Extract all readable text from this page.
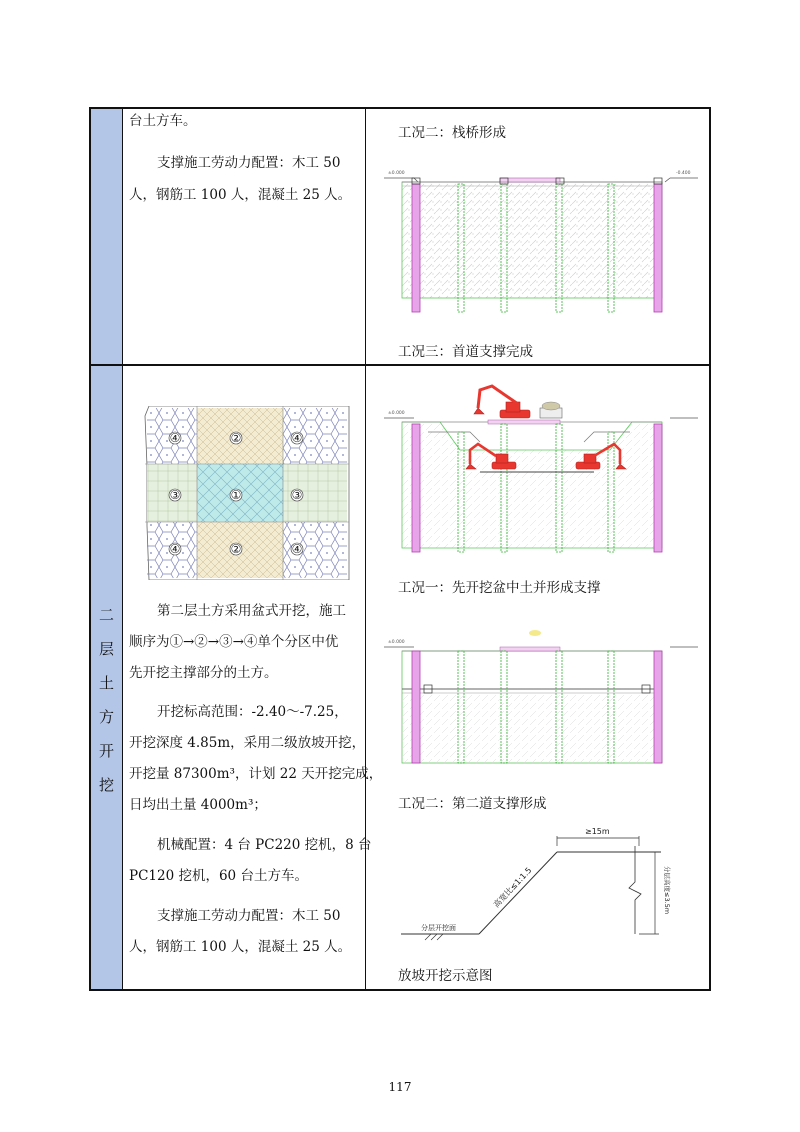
二
层
土
方
开
挖

台土方车。

支撑施工劳动力配置：木工 50

人，钢筋工 100 人，混凝土 25 人。

工况二：栈桥形成
工况三：首道支撑完成
±0.000	-0.400
④	②	④
③	①	③
④	②	④

第二层土方采用盆式开挖，施工

顺序为①→②→③→④单个分区中优

先开挖主撑部分的土方。

开挖标高范围：-2.40～-7.25，

开挖深度 4.85m，采用二级放坡开挖，

开挖量 87300m³，计划 22 天开挖完成，

日均出土量 4000m³；

机械配置：4 台 PC220 挖机，8 台

PC120 挖机，60 台土方车。

支撑施工劳动力配置：木工 50

人，钢筋工 100 人，混凝土 25 人。

±0.000
工况一：先开挖盆中土并形成支撑
±0.000
工况二：第二道支撑形成
≥15m
高宽比≤1:1.5	分层高度≤3.5m
分层开挖面
放坡开挖示意图
117
